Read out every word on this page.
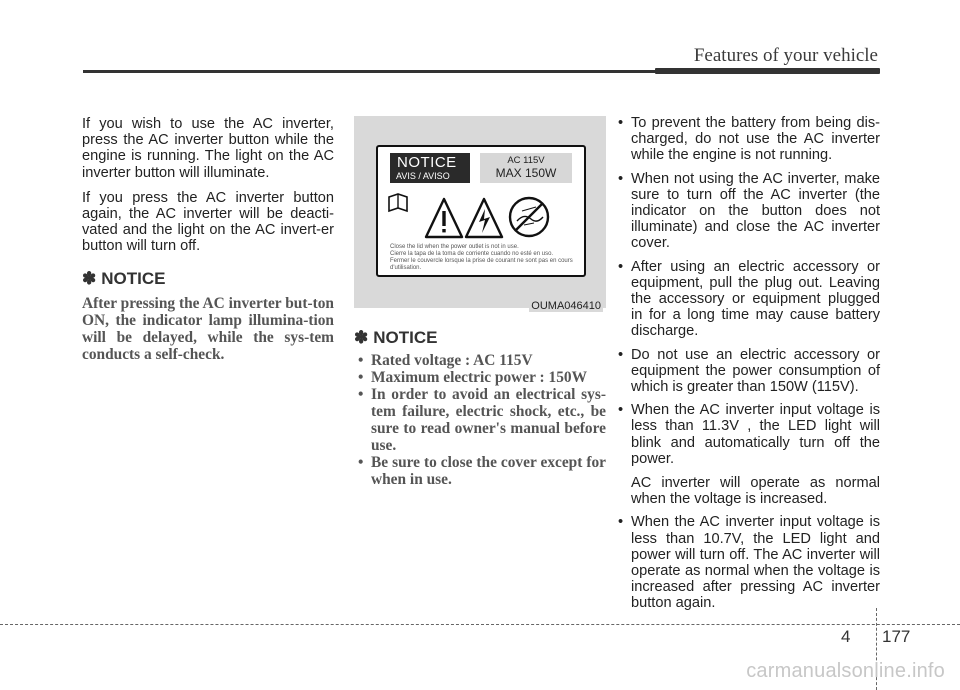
Features of your vehicle

If you wish to use the AC inverter, press the AC inverter button while the engine is running. The light on the AC inverter button will illuminate.

If you press the AC inverter button again, the AC inverter will be deacti-vated and the light on the AC invert-er button will turn off.

✽ NOTICE

After pressing the AC inverter but-ton ON, the indicator lamp illumina-tion will be delayed, while the sys-tem conducts a self-check.

NOTICE
AVIS / AVISO
AC 115V
MAX 150W
Close the lid when the power outlet is not in use.
Cierre la tapa de la toma de corriente cuando no esté en uso.
Fermer le couvercle lorsque la prise de courant ne sont pas en cours d'utilisation.
OUMA046410
✽ NOTICE
• Rated voltage : AC 115V
• Maximum electric power : 150W
• In order to avoid an electrical sys-tem failure, electric shock, etc., be sure to read owner's manual before use.
• Be sure to close the cover except for when in use.
• To prevent the battery from being dis-charged, do not use the AC inverter while the engine is not running.
• When not using the AC inverter, make sure to turn off the AC inverter (the indicator on the button does not illuminate) and close the AC inverter cover.
• After using an electric accessory or equipment, pull the plug out. Leaving the accessory or equipment plugged in for a long time may cause battery discharge.
• Do not use an electric accessory or equipment the power consumption of which is greater than 150W (115V).
• When the AC inverter input voltage is less than 11.3V , the LED light will blink and automatically turn off the power.
AC inverter will operate as normal when the voltage is increased.
• When the AC inverter input voltage is less than 10.7V, the LED light and power will turn off. The AC inverter will operate as normal when the voltage is increased after pressing AC inverter button again.
4 177
carmanualsonline.info
